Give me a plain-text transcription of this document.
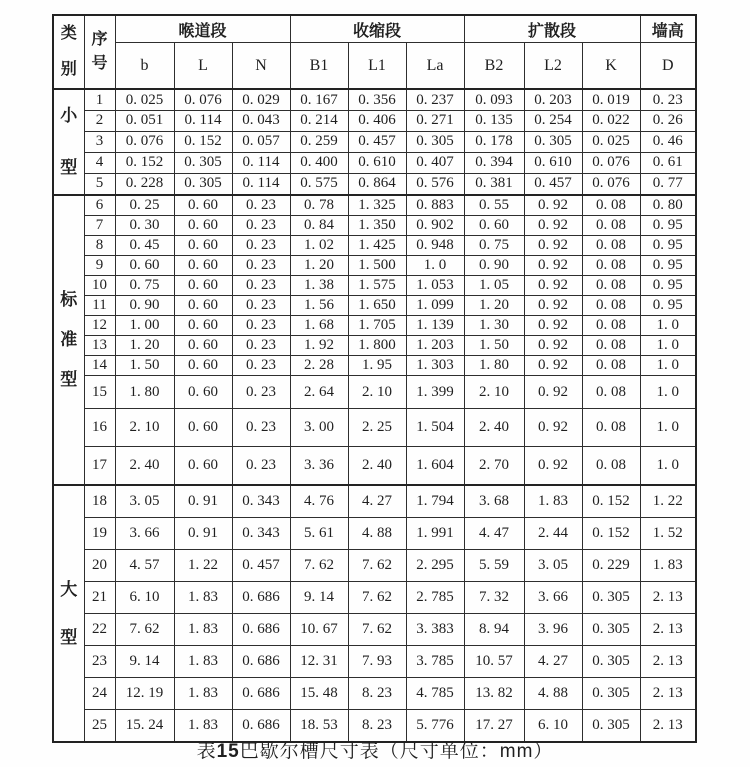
类别	序号	喉道段			收缩段			扩散段			墙高
		b	L	N	B1	L1	La	B2	L2	K	D
小型	1	0. 025	0. 076	0. 029	0. 167	0. 356	0. 237	0. 093	0. 203	0. 019	0. 23
	2	0. 051	0. 114	0. 043	0. 214	0. 406	0. 271	0. 135	0. 254	0. 022	0. 26
	3	0. 076	0. 152	0. 057	0. 259	0. 457	0. 305	0. 178	0. 305	0. 025	0. 46
	4	0. 152	0. 305	0. 114	0. 400	0. 610	0. 407	0. 394	0. 610	0. 076	0. 61
	5	0. 228	0. 305	0. 114	0. 575	0. 864	0. 576	0. 381	0. 457	0. 076	0. 77
标准型	6	0. 25	0. 60	0. 23	0. 78	1. 325	0. 883	0. 55	0. 92	0. 08	0. 80
	7	0. 30	0. 60	0. 23	0. 84	1. 350	0. 902	0. 60	0. 92	0. 08	0. 95
	8	0. 45	0. 60	0. 23	1. 02	1. 425	0. 948	0. 75	0. 92	0. 08	0. 95
	9	0. 60	0. 60	0. 23	1. 20	1. 500	1. 0	0. 90	0. 92	0. 08	0. 95
	10	0. 75	0. 60	0. 23	1. 38	1. 575	1. 053	1. 05	0. 92	0. 08	0. 95
	11	0. 90	0. 60	0. 23	1. 56	1. 650	1. 099	1. 20	0. 92	0. 08	0. 95
	12	1. 00	0. 60	0. 23	1. 68	1. 705	1. 139	1. 30	0. 92	0. 08	1. 0
	13	1. 20	0. 60	0. 23	1. 92	1. 800	1. 203	1. 50	0. 92	0. 08	1. 0
	14	1. 50	0. 60	0. 23	2. 28	1. 95	1. 303	1. 80	0. 92	0. 08	1. 0
	15	1. 80	0. 60	0. 23	2. 64	2. 10	1. 399	2. 10	0. 92	0. 08	1. 0
	16	2. 10	0. 60	0. 23	3. 00	2. 25	1. 504	2. 40	0. 92	0. 08	1. 0
	17	2. 40	0. 60	0. 23	3. 36	2. 40	1. 604	2. 70	0. 92	0. 08	1. 0
大型	18	3. 05	0. 91	0. 343	4. 76	4. 27	1. 794	3. 68	1. 83	0. 152	1. 22
	19	3. 66	0. 91	0. 343	5. 61	4. 88	1. 991	4. 47	2. 44	0. 152	1. 52
	20	4. 57	1. 22	0. 457	7. 62	7. 62	2. 295	5. 59	3. 05	0. 229	1. 83
	21	6. 10	1. 83	0. 686	9. 14	7. 62	2. 785	7. 32	3. 66	0. 305	2. 13
	22	7. 62	1. 83	0. 686	10. 67	7. 62	3. 383	8. 94	3. 96	0. 305	2. 13
	23	9. 14	1. 83	0. 686	12. 31	7. 93	3. 785	10. 57	4. 27	0. 305	2. 13
	24	12. 19	1. 83	0. 686	15. 48	8. 23	4. 785	13. 82	4. 88	0. 305	2. 13
	25	15. 24	1. 83	0. 686	18. 53	8. 23	5. 776	17. 27	6. 10	0. 305	2. 13
表15巴歇尔槽尺寸表（尺寸单位：mm）
